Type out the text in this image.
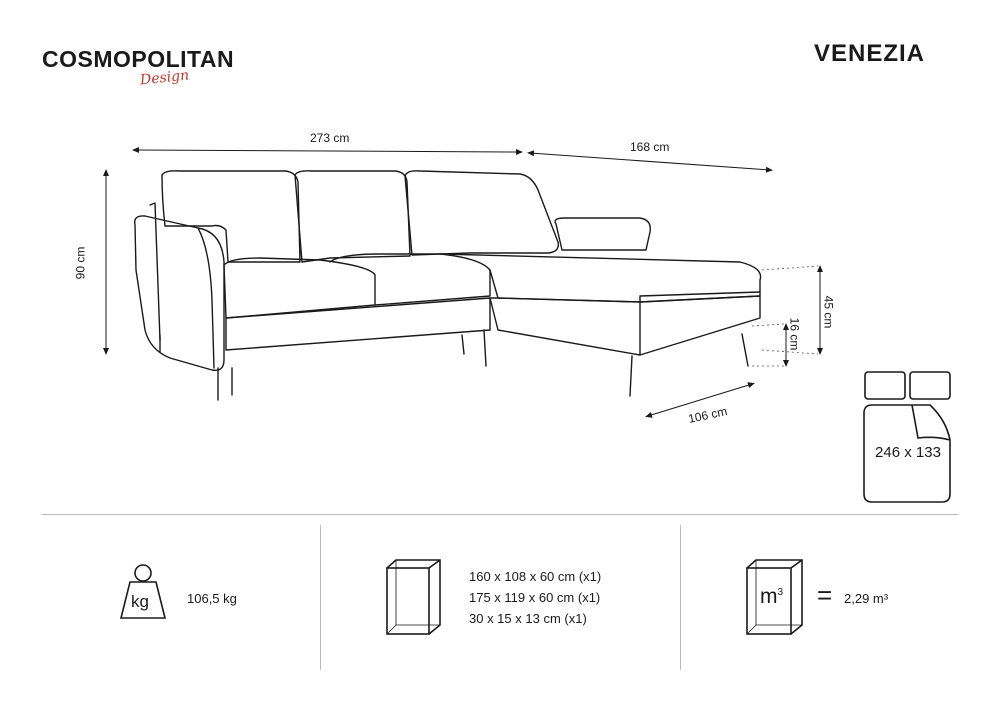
COSMOPOLITAN
Design
VENEZIA
273 cm
168 cm
90 cm
45 cm
16 cm
106 cm
246 x 133
kg	106,5 kg
160 x 108 x 60 cm (x1)
175 x 119 x 60 cm (x1)
30 x 15 x 13 cm (x1)
$m^3 = 2,29$ m³
